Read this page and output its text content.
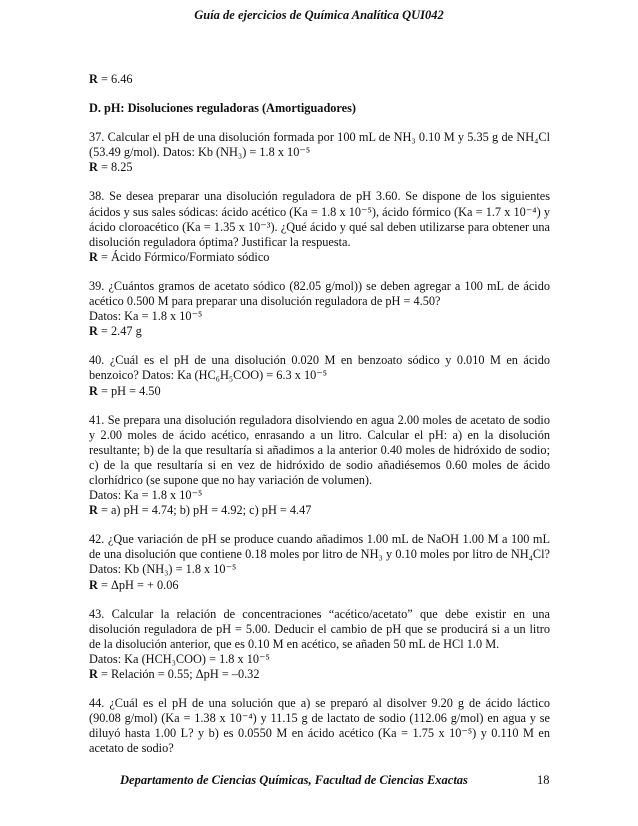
Guía de ejercicios de Química Analítica QUI042

R = 6.46

D. pH: Disoluciones reguladoras (Amortiguadores)

37. Calcular el pH de una disolución formada por 100 mL de NH₃ 0.10 M y 5.35 g de NH₄Cl (53.49 g/mol). Datos: Kb (NH₃) = 1.8 x 10⁻⁵

R = 8.25

38. Se desea preparar una disolución reguladora de pH 3.60. Se dispone de los siguientes ácidos y sus sales sódicas: ácido acético (Ka = 1.8 x 10⁻⁵), ácido fórmico (Ka = 1.7 x 10⁻⁴) y ácido cloroacético (Ka = 1.35 x 10⁻³). ¿Qué ácido y qué sal deben utilizarse para obtener una disolución reguladora óptima? Justificar la respuesta.

R = Ácido Fórmico/Formiato sódico

39. ¿Cuántos gramos de acetato sódico (82.05 g/mol)) se deben agregar a 100 mL de ácido acético 0.500 M para preparar una disolución reguladora de pH = 4.50?

Datos: Ka = 1.8 x 10⁻⁵

R = 2.47 g

40. ¿Cuál es el pH de una disolución 0.020 M en benzoato sódico y 0.010 M en ácido benzoico? Datos: Ka (HC₆H₅COO) = 6.3 x 10⁻⁵

R = pH = 4.50

41. Se prepara una disolución reguladora disolviendo en agua 2.00 moles de acetato de sodio y 2.00 moles de ácido acético, enrasando a un litro. Calcular el pH: a) en la disolución resultante; b) de la que resultaría si añadimos a la anterior 0.40 moles de hidróxido de sodio; c) de la que resultaría si en vez de hidróxido de sodio añadiésemos 0.60 moles de ácido clorhídrico (se supone que no hay variación de volumen).

Datos: Ka = 1.8 x 10⁻⁵

R = a) pH = 4.74; b) pH = 4.92; c) pH = 4.47

42. ¿Que variación de pH se produce cuando añadimos 1.00 mL de NaOH 1.00 M a 100 mL de una disolución que contiene 0.18 moles por litro de NH₃ y 0.10 moles por litro de NH₄Cl? Datos: Kb (NH₃) = 1.8 x 10⁻⁵

R = ΔpH = + 0.06

43. Calcular la relación de concentraciones “acético/acetato” que debe existir en una disolución reguladora de pH = 5.00. Deducir el cambio de pH que se producirá si a un litro de la disolución anterior, que es 0.10 M en acético, se añaden 50 mL de HCl 1.0 M.

Datos: Ka (HCH₃COO) = 1.8 x 10⁻⁵

R = Relación = 0.55; ΔpH = –0.32

44. ¿Cuál es el pH de una solución que a) se preparó al disolver 9.20 g de ácido láctico (90.08 g/mol) (Ka = 1.38 x 10⁻⁴) y 11.15 g de lactato de sodio (112.06 g/mol) en agua y se diluyó hasta 1.00 L? y b) es 0.0550 M en ácido acético (Ka = 1.75 x 10⁻⁵) y 0.110 M en acetato de sodio?

Departamento de Ciencias Químicas, Facultad de Ciencias Exactas	18
